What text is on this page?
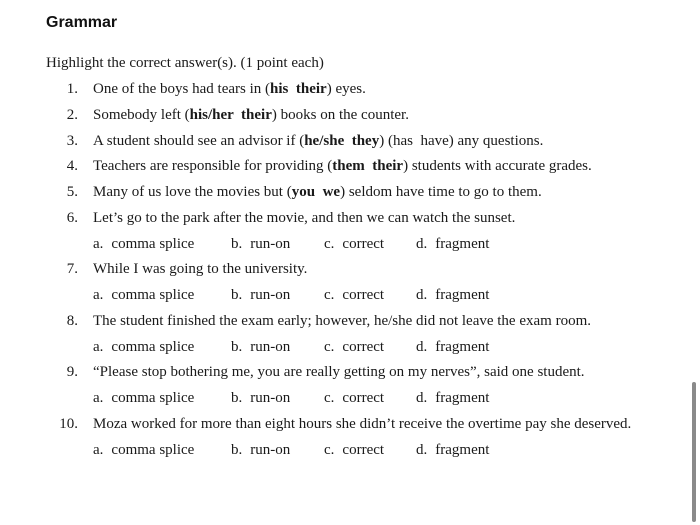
Grammar
Highlight the correct answer(s). (1 point each)
1. One of the boys had tears in (his  their) eyes.
2. Somebody left (his/her  their) books on the counter.
3. A student should see an advisor if (he/she  they) (has  have) any questions.
4. Teachers are responsible for providing (them  their) students with accurate grades.
5. Many of us love the movies but (you  we) seldom have time to go to them.
6. Let’s go to the park after the movie, and then we can watch the sunset.
a. comma splice b. run-on c. correct d. fragment
7. While I was going to the university.
a. comma splice b. run-on c. correct d. fragment
8. The student finished the exam early; however, he/she did not leave the exam room.
a. comma splice b. run-on c. correct d. fragment
9. “Please stop bothering me, you are really getting on my nerves”, said one student.
a. comma splice b. run-on c. correct d. fragment
10. Moza worked for more than eight hours she didn’t receive the overtime pay she deserved.
a. comma splice b. run-on c. correct d. fragment
